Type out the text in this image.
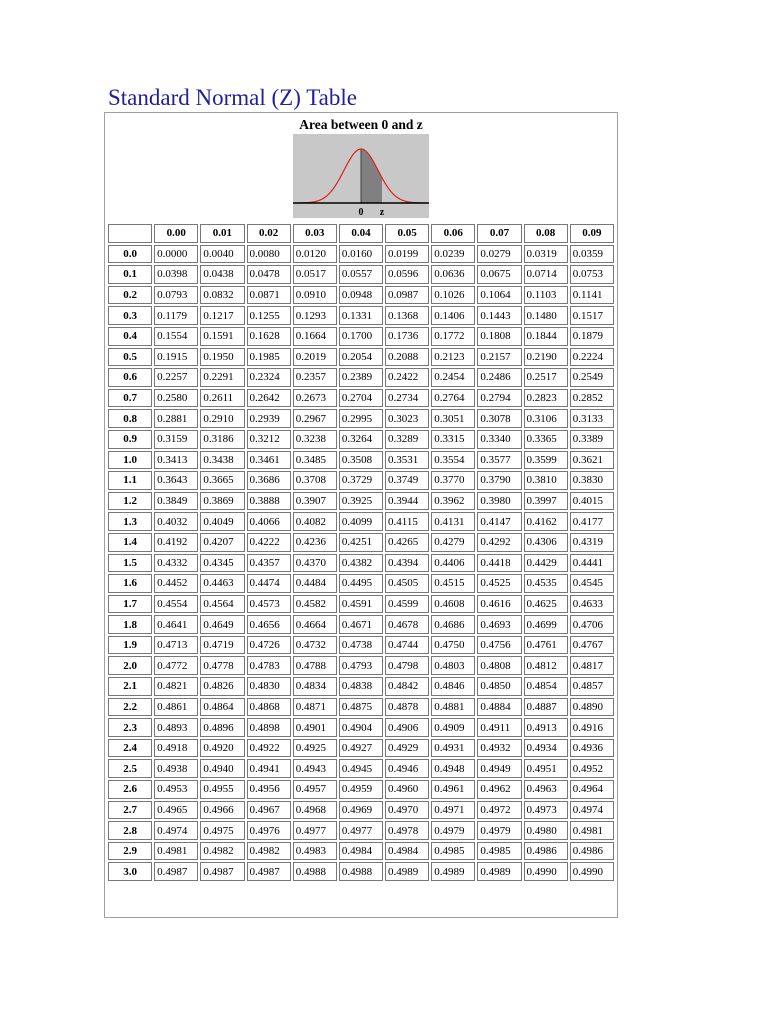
Standard Normal (Z) Table
Area between 0 and z
0 z
	0.00	0.01	0.02	0.03	0.04	0.05	0.06	0.07	0.08	0.09
0.0	0.0000	0.0040	0.0080	0.0120	0.0160	0.0199	0.0239	0.0279	0.0319	0.0359
0.1	0.0398	0.0438	0.0478	0.0517	0.0557	0.0596	0.0636	0.0675	0.0714	0.0753
0.2	0.0793	0.0832	0.0871	0.0910	0.0948	0.0987	0.1026	0.1064	0.1103	0.1141
0.3	0.1179	0.1217	0.1255	0.1293	0.1331	0.1368	0.1406	0.1443	0.1480	0.1517
0.4	0.1554	0.1591	0.1628	0.1664	0.1700	0.1736	0.1772	0.1808	0.1844	0.1879
0.5	0.1915	0.1950	0.1985	0.2019	0.2054	0.2088	0.2123	0.2157	0.2190	0.2224
0.6	0.2257	0.2291	0.2324	0.2357	0.2389	0.2422	0.2454	0.2486	0.2517	0.2549
0.7	0.2580	0.2611	0.2642	0.2673	0.2704	0.2734	0.2764	0.2794	0.2823	0.2852
0.8	0.2881	0.2910	0.2939	0.2967	0.2995	0.3023	0.3051	0.3078	0.3106	0.3133
0.9	0.3159	0.3186	0.3212	0.3238	0.3264	0.3289	0.3315	0.3340	0.3365	0.3389
1.0	0.3413	0.3438	0.3461	0.3485	0.3508	0.3531	0.3554	0.3577	0.3599	0.3621
1.1	0.3643	0.3665	0.3686	0.3708	0.3729	0.3749	0.3770	0.3790	0.3810	0.3830
1.2	0.3849	0.3869	0.3888	0.3907	0.3925	0.3944	0.3962	0.3980	0.3997	0.4015
1.3	0.4032	0.4049	0.4066	0.4082	0.4099	0.4115	0.4131	0.4147	0.4162	0.4177
1.4	0.4192	0.4207	0.4222	0.4236	0.4251	0.4265	0.4279	0.4292	0.4306	0.4319
1.5	0.4332	0.4345	0.4357	0.4370	0.4382	0.4394	0.4406	0.4418	0.4429	0.4441
1.6	0.4452	0.4463	0.4474	0.4484	0.4495	0.4505	0.4515	0.4525	0.4535	0.4545
1.7	0.4554	0.4564	0.4573	0.4582	0.4591	0.4599	0.4608	0.4616	0.4625	0.4633
1.8	0.4641	0.4649	0.4656	0.4664	0.4671	0.4678	0.4686	0.4693	0.4699	0.4706
1.9	0.4713	0.4719	0.4726	0.4732	0.4738	0.4744	0.4750	0.4756	0.4761	0.4767
2.0	0.4772	0.4778	0.4783	0.4788	0.4793	0.4798	0.4803	0.4808	0.4812	0.4817
2.1	0.4821	0.4826	0.4830	0.4834	0.4838	0.4842	0.4846	0.4850	0.4854	0.4857
2.2	0.4861	0.4864	0.4868	0.4871	0.4875	0.4878	0.4881	0.4884	0.4887	0.4890
2.3	0.4893	0.4896	0.4898	0.4901	0.4904	0.4906	0.4909	0.4911	0.4913	0.4916
2.4	0.4918	0.4920	0.4922	0.4925	0.4927	0.4929	0.4931	0.4932	0.4934	0.4936
2.5	0.4938	0.4940	0.4941	0.4943	0.4945	0.4946	0.4948	0.4949	0.4951	0.4952
2.6	0.4953	0.4955	0.4956	0.4957	0.4959	0.4960	0.4961	0.4962	0.4963	0.4964
2.7	0.4965	0.4966	0.4967	0.4968	0.4969	0.4970	0.4971	0.4972	0.4973	0.4974
2.8	0.4974	0.4975	0.4976	0.4977	0.4977	0.4978	0.4979	0.4979	0.4980	0.4981
2.9	0.4981	0.4982	0.4982	0.4983	0.4984	0.4984	0.4985	0.4985	0.4986	0.4986
3.0	0.4987	0.4987	0.4987	0.4988	0.4988	0.4989	0.4989	0.4989	0.4990	0.4990
